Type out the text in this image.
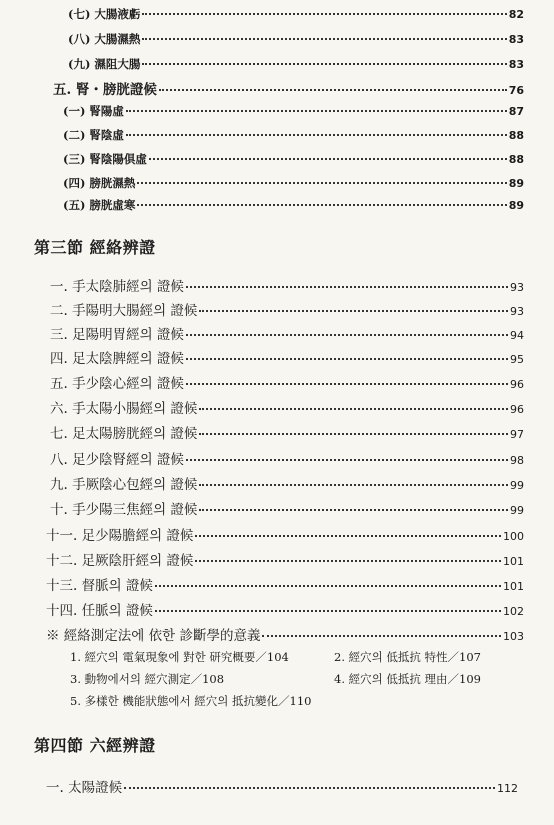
(七) 大腸液虧	82
(八) 大腸濕熱	83
(九) 濕阻大腸	83
五. 腎・膀胱證候	76
(一) 腎陽虛	87
(二) 腎陰虛	88
(三) 腎陰陽俱虛	88
(四) 膀胱濕熱	89
(五) 膀胱虛寒	89
第三節 經絡辨證
一. 手太陰肺經의 證候	93
二. 手陽明大腸經의 證候	93
三. 足陽明胃經의 證候	94
四. 足太陰脾經의 證候	95
五. 手少陰心經의 證候	96
六. 手太陽小腸經의 證候	96
七. 足太陽膀胱經의 證候	97
八. 足少陰腎經의 證候	98
九. 手厥陰心包經의 證候	99
十. 手少陽三焦經의 證候	99
十一. 足少陽膽經의 證候	100
十二. 足厥陰肝經의 證候	101
十三. 督脈의 證候	101
十四. 任脈의 證候	102
※ 經絡測定法에 依한 診斷學的意義	103
1. 經穴의 電氣現象에 對한 研究概要／104	2. 經穴의 低抵抗 特性／107
3. 動物에서의 經穴測定／108	4. 經穴의 低抵抗 理由／109
5. 多樣한 機能狀態에서 經穴의 抵抗變化／110
第四節 六經辨證
一. 太陽證候	112
